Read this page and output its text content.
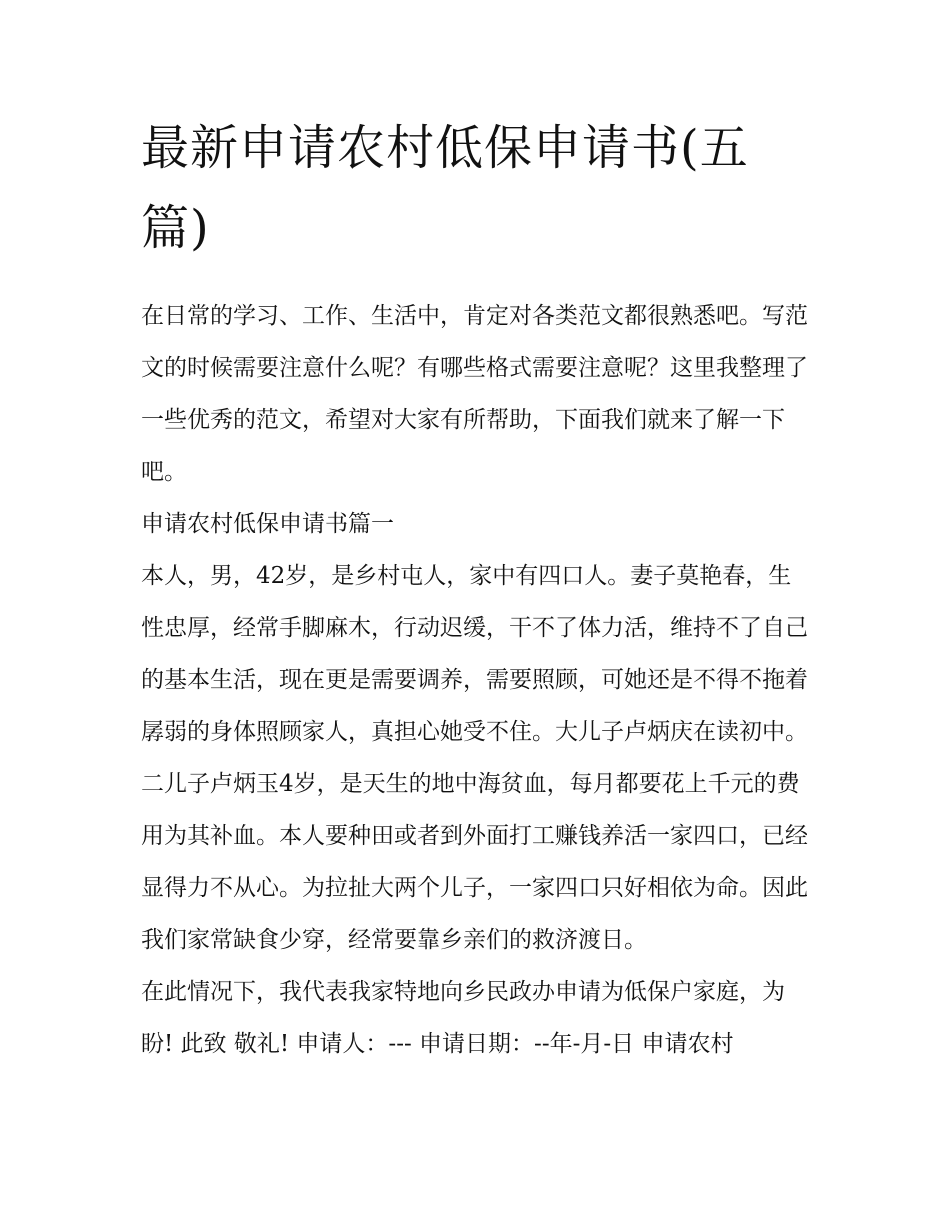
最新申请农村低保申请书(五篇)

在日常的学习、工作、生活中，肯定对各类范文都很熟悉吧。写范文的时候需要注意什么呢？有哪些格式需要注意呢？这里我整理了一些优秀的范文，希望对大家有所帮助，下面我们就来了解一下吧。

申请农村低保申请书篇一

本人，男，42岁，是乡村屯人，家中有四口人。妻子莫艳春，生性忠厚，经常手脚麻木，行动迟缓，干不了体力活，维持不了自己的基本生活，现在更是需要调养，需要照顾，可她还是不得不拖着孱弱的身体照顾家人，真担心她受不住。大儿子卢炳庆在读初中。二儿子卢炳玉4岁，是天生的地中海贫血，每月都要花上千元的费用为其补血。本人要种田或者到外面打工赚钱养活一家四口，已经显得力不从心。为拉扯大两个儿子，一家四口只好相依为命。因此我们家常缺食少穿，经常要靠乡亲们的救济渡日。

在此情况下，我代表我家特地向乡民政办申请为低保户家庭，为盼! 此致 敬礼! 申请人：--- 申请日期：--年-月-日 申请农村
